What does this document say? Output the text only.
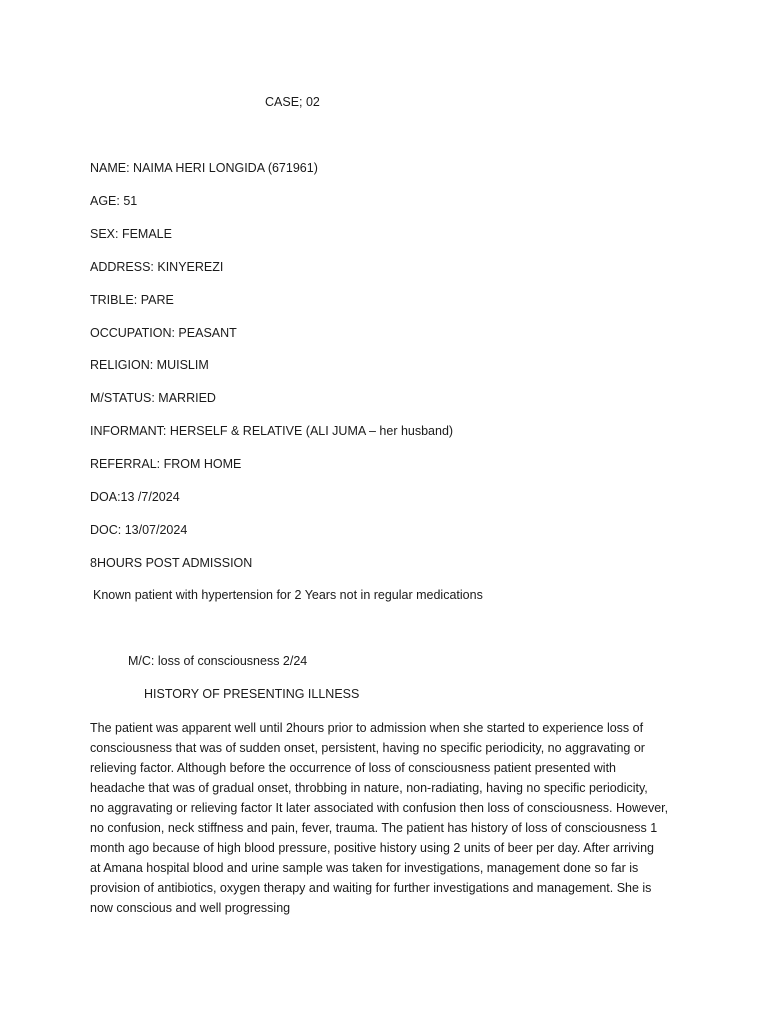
CASE; 02
NAME: NAIMA HERI LONGIDA (671961)
AGE: 51
SEX: FEMALE
ADDRESS: KINYEREZI
TRIBLE: PARE
OCCUPATION: PEASANT
RELIGION: MUISLIM
M/STATUS: MARRIED
INFORMANT: HERSELF & RELATIVE (ALI JUMA – her husband)
REFERRAL: FROM HOME
DOA:13 /7/2024
DOC: 13/07/2024
8HOURS POST ADMISSION
Known patient with hypertension for 2 Years not in regular medications
M/C: loss of consciousness 2/24
HISTORY OF PRESENTING ILLNESS
The patient was apparent well until 2hours prior to admission when she started to experience loss of
consciousness that was of sudden onset, persistent, having no specific periodicity, no aggravating or
relieving factor. Although before the occurrence of loss of consciousness patient presented with
headache that was of gradual onset, throbbing in nature, non-radiating, having no specific periodicity,
no aggravating or relieving factor It later associated with confusion then loss of consciousness. However,
no confusion, neck stiffness and pain, fever, trauma. The patient has history of loss of consciousness 1
month ago because of high blood pressure, positive history using 2 units of beer per day. After arriving
at Amana hospital blood and urine sample was taken for investigations, management done so far is
provision of antibiotics, oxygen therapy and waiting for further investigations and management. She is
now conscious and well progressing
